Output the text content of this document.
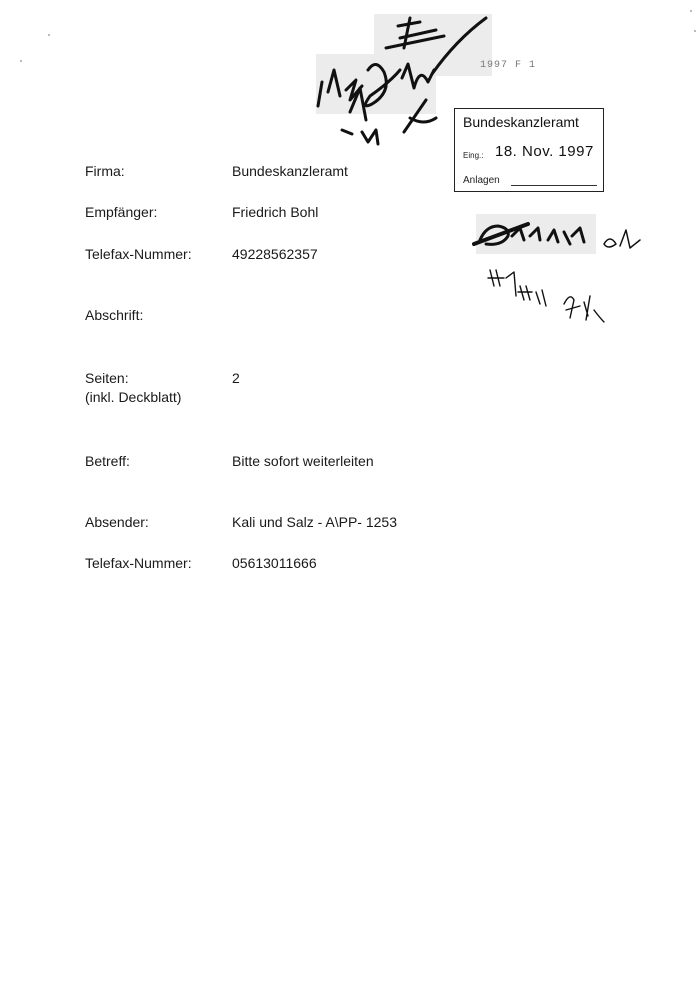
1997 F 1
Bundeskanzleramt
Eing.: 18. Nov. 1997
Anlagen
Firma:	Bundeskanzleramt
Empfänger:	Friedrich Bohl
Telefax-Nummer:	49228562357
Abschrift:
Seiten:	2
(inkl. Deckblatt)
Betreff:	Bitte sofort weiterleiten
Absender:	Kali und Salz - A\PP- 1253
Telefax-Nummer:	05613011666
